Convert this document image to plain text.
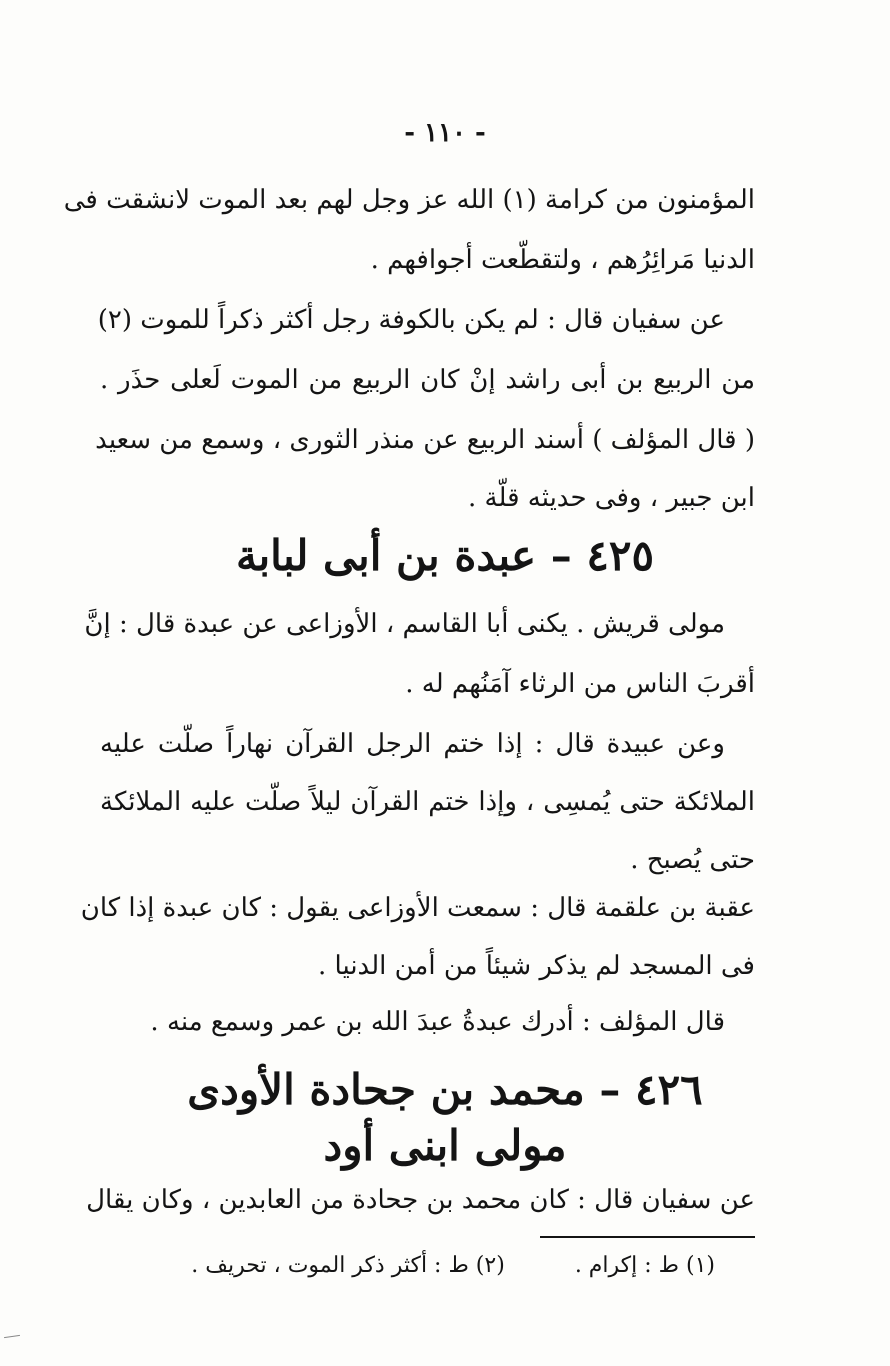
- ١١٠ -
المؤمنون من كرامة (١) الله عز وجل لهم بعد الموت لانشقت فى
الدنيا مَرائِرُهم ، ولتقطّعت أجوافهم .
عن سفيان قال : لم يكن بالكوفة رجل أكثر ذكراً للموت (٢)
من الربيع بن أبى راشد إنْ كان الربيع من الموت لَعلى حذَر .
( قال المؤلف ) أسند الربيع عن منذر الثورى ، وسمع من سعيد
ابن جبير ، وفى حديثه قلّة .
٤٢٥ – عبدة بن أبى لبابة
مولى قريش . يكنى أبا القاسم ، الأوزاعى عن عبدة قال : إنَّ
أقربَ الناس من الرثاء آمَنُهم له .
وعن عبيدة قال : إذا ختم الرجل القرآن نهاراً صلّت عليه
الملائكة حتى يُمسِى ، وإذا ختم القرآن ليلاً صلّت عليه الملائكة
حتى يُصبح .
عقبة بن علقمة قال : سمعت الأوزاعى يقول : كان عبدة إذا كان
فى المسجد لم يذكر شيئاً من أمن الدنيا .
قال المؤلف : أدرك عبدةُ عبدَ الله بن عمر وسمع منه .
٤٢٦ – محمد بن جحادة الأودى
مولى ابنى أود
عن سفيان قال : كان محمد بن جحادة من العابدين ، وكان يقال
(١) ط : إكرام .
(٢) ط : أكثر ذكر الموت ، تحريف .
